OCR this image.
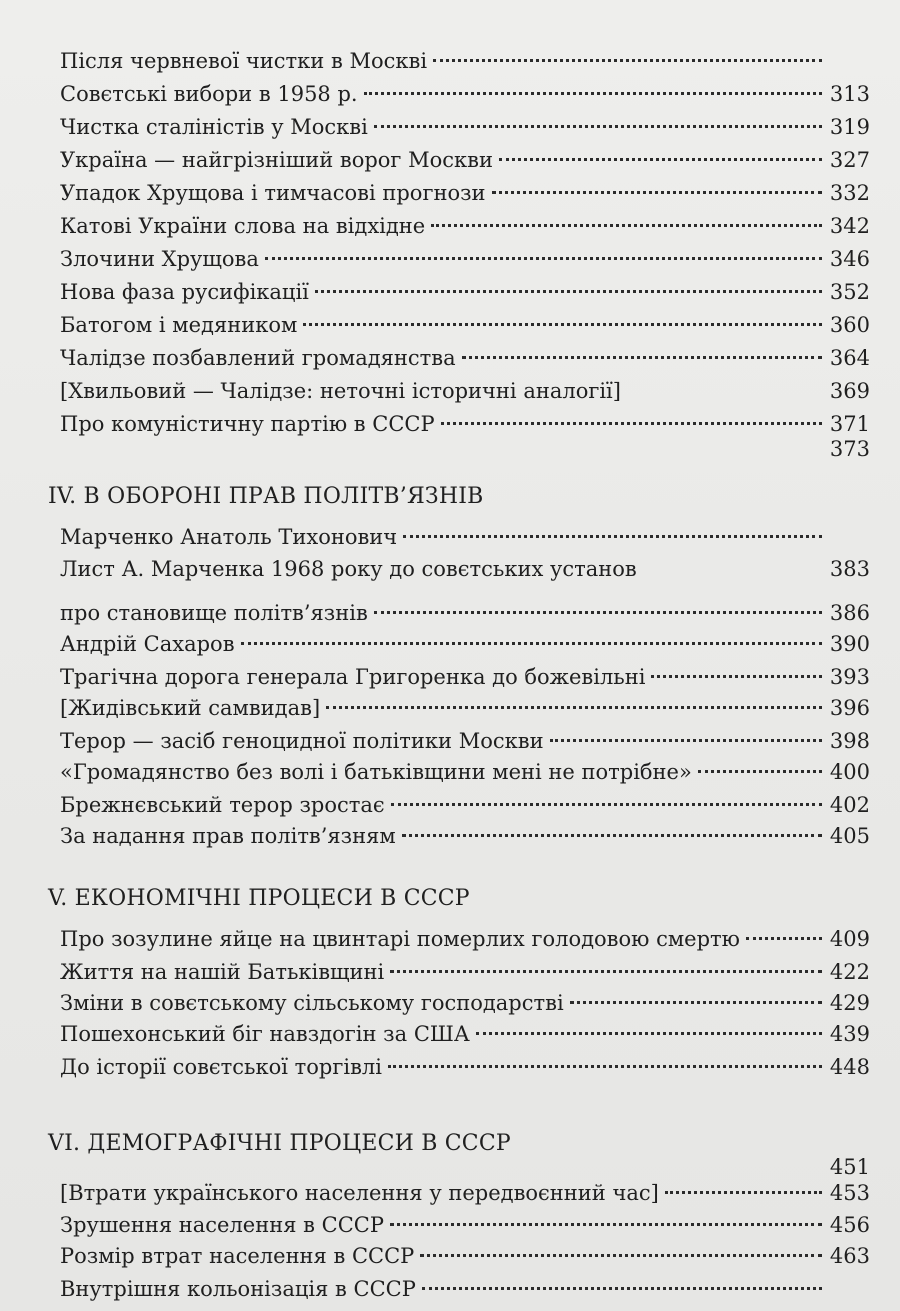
Після червневої чистки в Москві
Совєтські вибори в 1958 р.	313
Чистка сталіністів у Москві	319
Україна — найгрізніший ворог Москви	327
Упадок Хрущова і тимчасові прогнози	332
Катові України слова на відхідне	342
Злочини Хрущова	346
Нова фаза русифікації	352
Батогом і медяником	360
Чалідзе позбавлений громадянства	364
[Хвильовий — Чалідзе: неточні історичні аналогії]	369
Про комуністичну партію в СССР	371
373
IV. В ОБОРОНІ ПРАВ ПОЛІТВ’ЯЗНІВ
Марченко Анатоль Тихонович
Лист А. Марченка 1968 року до совєтських установ	383
про становище політв’язнів	386
Андрій Сахаров	390
Трагічна дорога генерала Григоренка до божевільні	393
[Жидівський самвидав]	396
Терор — засіб геноцидної політики Москви	398
«Громадянство без волі і батьківщини мені не потрібне»	400
Брежнєвський терор зростає	402
За надання прав політв’язням	405
V. ЕКОНОМІЧНІ ПРОЦЕСИ В СССР
Про зозулине яйце на цвинтарі померлих голодовою смертю	409
Життя на нашій Батьківщині	422
Зміни в совєтському сільському господарстві	429
Пошехонський біг навздогін за США	439
До історії совєтської торгівлі	448
VI. ДЕМОГРАФІЧНІ ПРОЦЕСИ В СССР
451
[Втрати українського населення у передвоєнний час]	453
Зрушення населення в СССР	456
Розмір втрат населення в СССР	463
Внутрішня кольонізація в СССР
